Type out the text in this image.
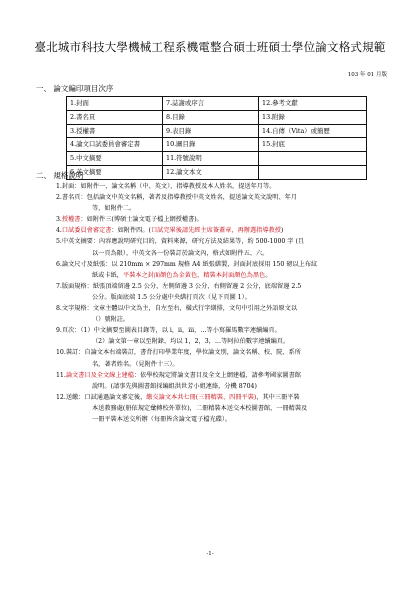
臺北城市科技大學機械工程系機電整合碩士班碩士學位論文格式規範
103 年 01 月版
一、 論文編印項目次序
1.封面	7.誌謝或序言	12.參考文獻
2.書名頁	8.目錄	13.附錄
3.授權書	9.表目錄	14.自傳（Vita）或簡歷
4.論文口試委員會審定書	10.圖目錄	15.封底
5.中文摘要	11.符號說明	
6.英文摘要	12.論文本文	
二、 規格說明
1.封面：如附件一，論文名稱（中、英文），指導教授及本人姓名，提送年月等。
2.書名頁：包括論文中英文名稱，著者及指導教授中英文姓名，提送論文英文說明、年月
等，如附件二。
3.授權書：如附件三(博碩士論文電子檔上網授權書)。
4.口試委員會審定書：如附件四。(口試完畢後請先經主席簽蓋章，再辦選指導教授)
5.中英文摘要：內容應說明研究目的，資料來源，研究方法及結果等，約 500-1000 字 (且
以一頁為限），中英文各一份裝訂於論文內，格式如附件五、六。
6.論文尺寸及紙張：以 210mm × 297mm 規格 A4 紙張繕製，封面封底採用 150 磅以上布紋
紙或卡紙，平裝本之封面顏色為金黃色，精裝本封面顏色為黑色。
7.版面規格：紙張頂端留邊 2.5 公分，左側留邊 3 公分，右側留邊 2 公分，底端留邊 2.5
公分。版面底端 1.5 公分處中央繕打頁次（見下頁圖 1）。
8.文字規格：文章主體以中文為主，自左至右，橫式行字繕排，文句中引用之外語原文以
（）號附註。
9.頁次：（1）中文摘要至圖表目錄等，以 i，ii，iii，…等小寫羅馬數字連續編頁。
（2）論文第一章以至附錄，均以 1，2，3，…等阿拉伯數字連續編頁。
10.裝訂：自論文本右端裝訂，書背打印學業年度，學位論文別，論文名稱、校、院、系所
名，著者姓名。（見附件十三）。
11.論文書目及全文線上建檔：依學校規定將論文書目及全文上網建檔，請參考國家圖書館
說明。(請事先與圖書館採編組洪世芳小姐連絡，分機 8704)
12.送繳：口試通過論文審定後，繳交論文本共七冊(三冊精裝、四冊平裝)，其中三冊平裝
本送教務處(册依規定彙轉校外單位)，二冊精裝本送交本校圖書館，一冊精裝及
一冊平裝本送交所辦（每冊皆含論文電子檔光碟）。
-1-
